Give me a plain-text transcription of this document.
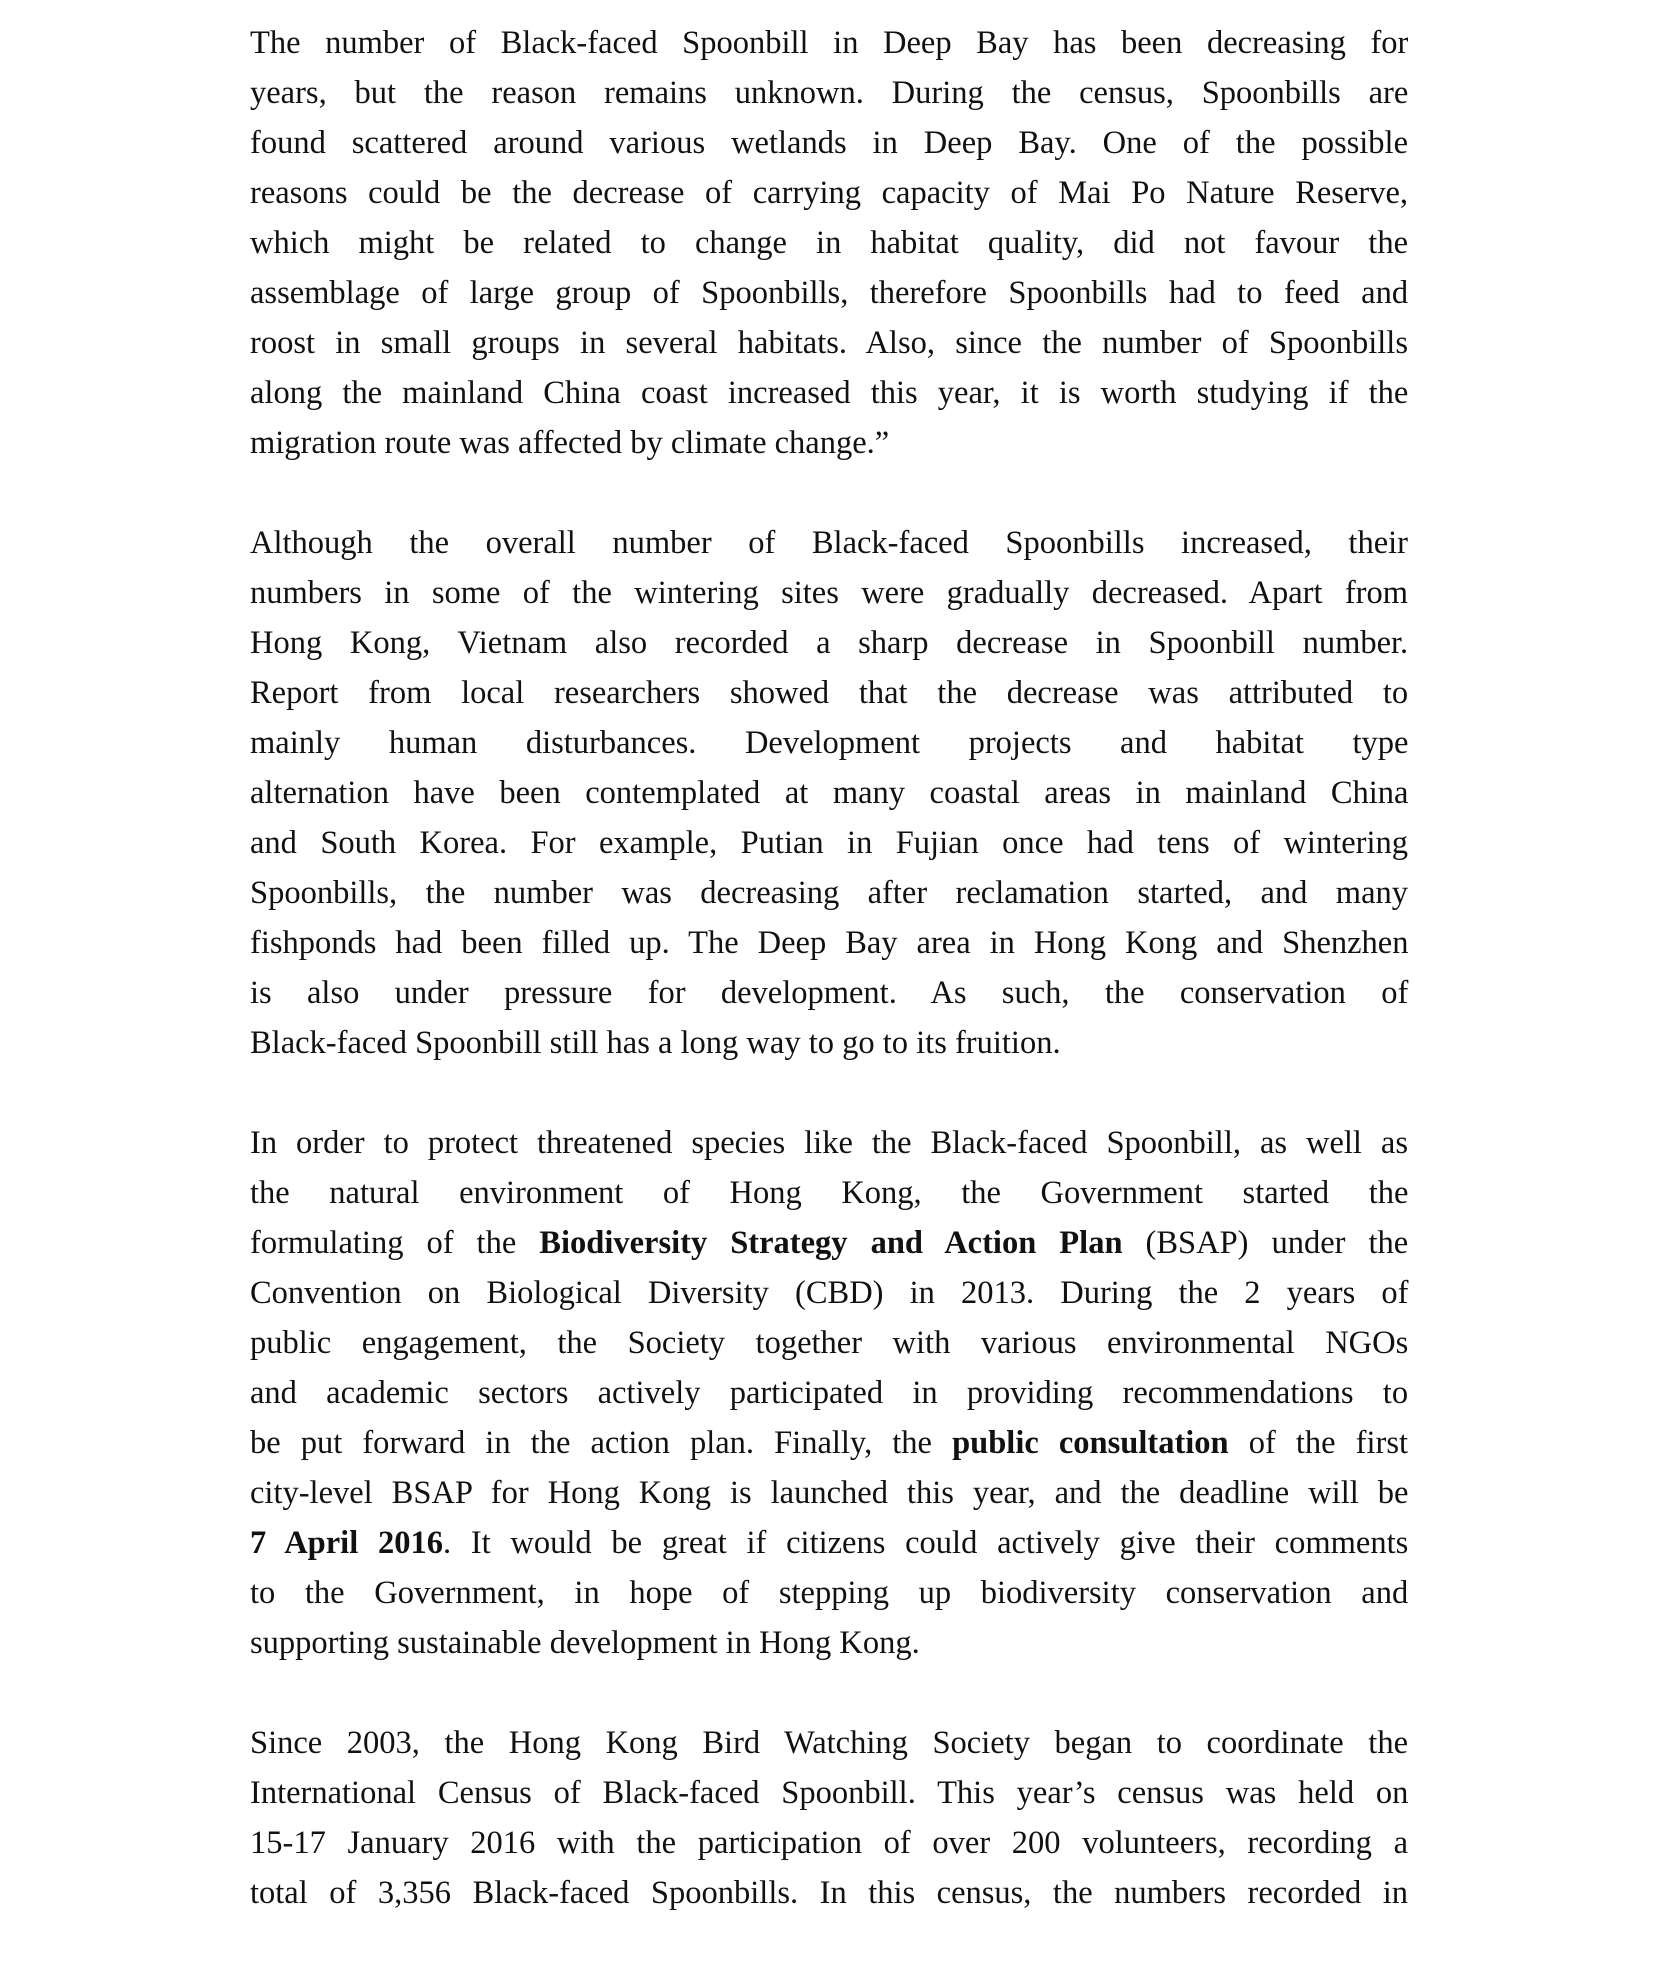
The number of Black-faced Spoonbill in Deep Bay has been decreasing for
years, but the reason remains unknown. During the census, Spoonbills are
found scattered around various wetlands in Deep Bay. One of the possible
reasons could be the decrease of carrying capacity of Mai Po Nature Reserve,
which might be related to change in habitat quality, did not favour the
assemblage of large group of Spoonbills, therefore Spoonbills had to feed and
roost in small groups in several habitats. Also, since the number of Spoonbills
along the mainland China coast increased this year, it is worth studying if the
migration route was affected by climate change.”

Although the overall number of Black-faced Spoonbills increased, their
numbers in some of the wintering sites were gradually decreased. Apart from
Hong Kong, Vietnam also recorded a sharp decrease in Spoonbill number.
Report from local researchers showed that the decrease was attributed to
mainly human disturbances. Development projects and habitat type
alternation have been contemplated at many coastal areas in mainland China
and South Korea. For example, Putian in Fujian once had tens of wintering
Spoonbills, the number was decreasing after reclamation started, and many
fishponds had been filled up. The Deep Bay area in Hong Kong and Shenzhen
is also under pressure for development. As such, the conservation of
Black-faced Spoonbill still has a long way to go to its fruition.

In order to protect threatened species like the Black-faced Spoonbill, as well as
the natural environment of Hong Kong, the Government started the
formulating of the Biodiversity Strategy and Action Plan (BSAP) under the
Convention on Biological Diversity (CBD) in 2013. During the 2 years of
public engagement, the Society together with various environmental NGOs
and academic sectors actively participated in providing recommendations to
be put forward in the action plan. Finally, the public consultation of the first
city-level BSAP for Hong Kong is launched this year, and the deadline will be
7 April 2016. It would be great if citizens could actively give their comments
to the Government, in hope of stepping up biodiversity conservation and
supporting sustainable development in Hong Kong.

Since 2003, the Hong Kong Bird Watching Society began to coordinate the
International Census of Black-faced Spoonbill. This year’s census was held on
15-17 January 2016 with the participation of over 200 volunteers, recording a
total of 3,356 Black-faced Spoonbills. In this census, the numbers recorded in
